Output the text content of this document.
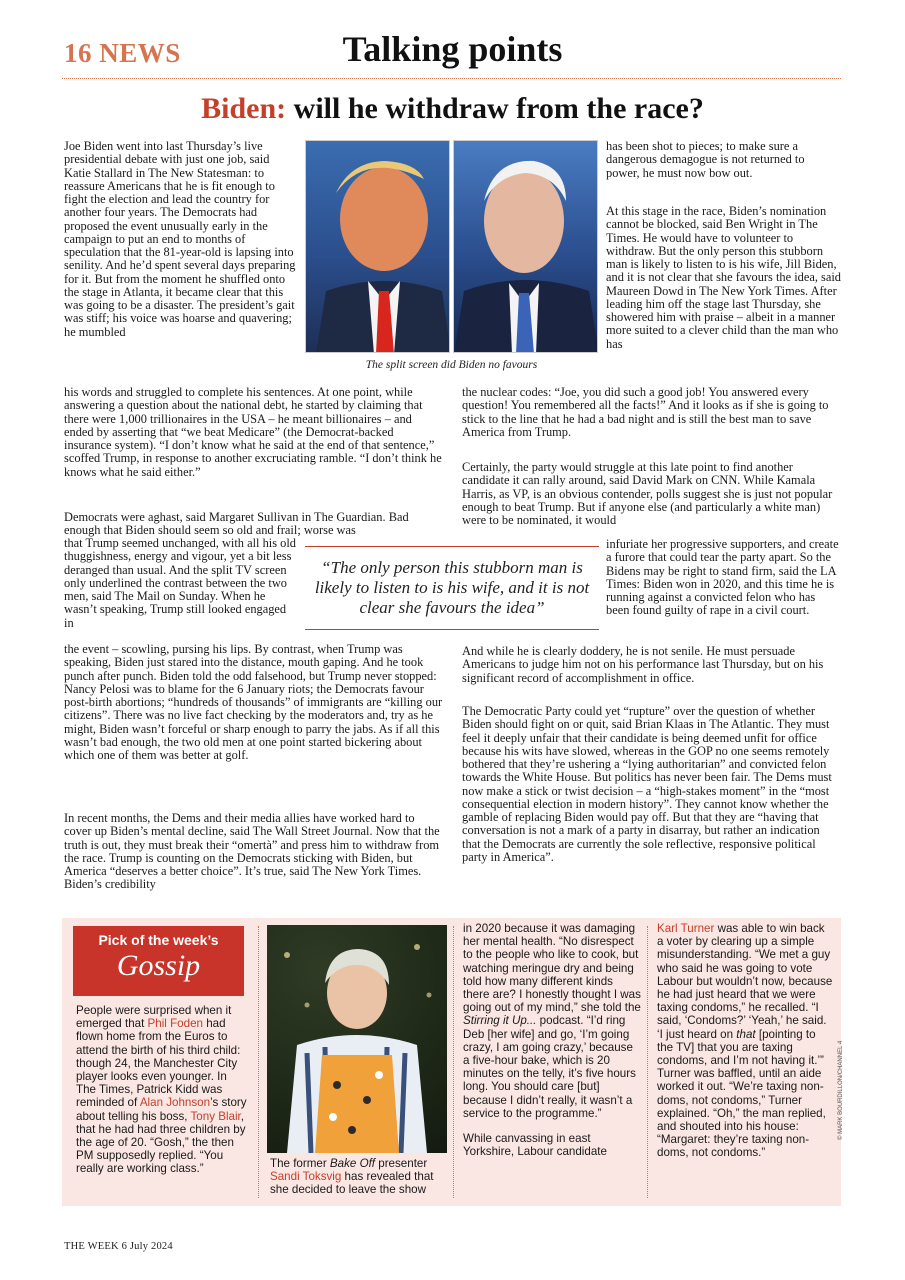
16 NEWS	Talking points
Biden: will he withdraw from the race?
Joe Biden went into last Thursday’s live presidential debate with just one job, said Katie Stallard in The New Statesman: to reassure Americans that he is fit enough to fight the election and lead the country for another four years. The Democrats had proposed the event unusually early in the campaign to put an end to months of speculation that the 81-year-old is lapsing into senility. And he’d spent several days preparing for it. But from the moment he shuffled onto the stage in Atlanta, it became clear that this was going to be a disaster. The president’s gait was stiff; his voice was hoarse and quavering; he mumbled
his words and struggled to complete his sentences. At one point, while answering a question about the national debt, he started by claiming that there were 1,000 trillionaires in the USA – he meant billionaires – and ended by asserting that “we beat Medicare” (the Democrat-backed insurance system). “I don’t know what he said at the end of that sentence,” scoffed Trump, in response to another excruciating ramble. “I don’t think he knows what he said either.”
Democrats were aghast, said Margaret Sullivan in The Guardian. Bad enough that Biden should seem so old and frail; worse was
that Trump seemed unchanged, with all his old thuggishness, energy and vigour, yet a bit less deranged than usual. And the split TV screen only underlined the contrast between the two men, said The Mail on Sunday. When he wasn’t speaking, Trump still looked engaged in
the event – scowling, pursing his lips. By contrast, when Trump was speaking, Biden just stared into the distance, mouth gaping. And he took punch after punch. Biden told the odd falsehood, but Trump never stopped: Nancy Pelosi was to blame for the 6 January riots; the Democrats favour post-birth abortions; “hundreds of thousands” of immigrants are “killing our citizens”. There was no live fact checking by the moderators and, try as he might, Biden wasn’t forceful or sharp enough to parry the jabs. As if all this wasn’t bad enough, the two old men at one point started bickering about which one of them was better at golf.
In recent months, the Dems and their media allies have worked hard to cover up Biden’s mental decline, said The Wall Street Journal. Now that the truth is out, they must break their “omertà” and press him to withdraw from the race. Trump is counting on the Democrats sticking with Biden, but America “deserves a better choice”. It’s true, said The New York Times. Biden’s credibility
The split screen did Biden no favours
has been shot to pieces; to make sure a dangerous demagogue is not returned to power, he must now bow out.
At this stage in the race, Biden’s nomination cannot be blocked, said Ben Wright in The Times. He would have to volunteer to withdraw. But the only person this stubborn man is likely to listen to is his wife, Jill Biden, and it is not clear that she favours the idea, said Maureen Dowd in The New York Times. After leading him off the stage last Thursday, she showered him with praise – albeit in a manner more suited to a clever child than the man who has
the nuclear codes: “Joe, you did such a good job! You answered every question! You remembered all the facts!” And it looks as if she is going to stick to the line that he had a bad night and is still the best man to save America from Trump.
Certainly, the party would struggle at this late point to find another candidate it can rally around, said David Mark on CNN. While Kamala Harris, as VP, is an obvious contender, polls suggest she is just not popular enough to beat Trump. But if anyone else (and particularly a white man) were to be nominated, it would
infuriate her progressive supporters, and create a furore that could tear the party apart. So the Bidens may be right to stand firm, said the LA Times: Biden won in 2020, and this time he is running against a convicted felon who has been found guilty of rape in a civil court.
And while he is clearly doddery, he is not senile. He must persuade Americans to judge him not on his performance last Thursday, but on his significant record of accomplishment in office.
The Democratic Party could yet “rupture” over the question of whether Biden should fight on or quit, said Brian Klaas in The Atlantic. They must feel it deeply unfair that their candidate is being deemed unfit for office because his wits have slowed, whereas in the GOP no one seems remotely bothered that they’re ushering a “lying authoritarian” and convicted felon towards the White House. But politics has never been fair. The Dems must now make a stick or twist decision – a “high-stakes moment” in the “most consequential election in modern history”. They cannot know whether the gamble of replacing Biden would pay off. But that they are “having that conversation is not a mark of a party in disarray, but rather an indication that the Democrats are currently the sole reflective, responsive political party in America”.
“The only person this stubborn man is likely to listen to is his wife, and it is not clear she favours the idea”
Pick of the week’s
Gossip
People were surprised when it emerged that Phil Foden had flown home from the Euros to attend the birth of his third child: though 24, the Manchester City player looks even younger. In The Times, Patrick Kidd was reminded of Alan Johnson’s story about telling his boss, Tony Blair, that he had had three children by the age of 20. “Gosh,” the then PM supposedly replied. “You really are working class.”	The former Bake Off presenter Sandi Toksvig has revealed that she decided to leave the show
in 2020 because it was damaging her mental health. “No disrespect to the people who like to cook, but watching meringue dry and being told how many different kinds there are? I honestly thought I was going out of my mind,” she told the Stirring it Up... podcast. “I’d ring Deb [her wife] and go, ‘I’m going crazy, I am going crazy,’ because a five-hour bake, which is 20 minutes on the telly, it’s five hours long. You should care [but] because I didn’t really, it wasn’t a service to the programme.”
While canvassing in east Yorkshire, Labour candidate
Karl Turner was able to win back a voter by clearing up a simple misunderstanding. “We met a guy who said he was going to vote Labour but wouldn’t now, because he had just heard that we were taxing condoms,” he recalled. “I said, ‘Condoms?’ ‘Yeah,’ he said. ‘I just heard on that [pointing to the TV] that you are taxing condoms, and I’m not having it.’” Turner was baffled, until an aide worked it out. “We’re taxing non-doms, not condoms,” Turner explained. “Oh,” the man replied, and shouted into his house: “Margaret: they’re taxing non-doms, not condoms.”
© MARK BOURDILLON/CHANNEL 4
THE WEEK 6 July 2024
